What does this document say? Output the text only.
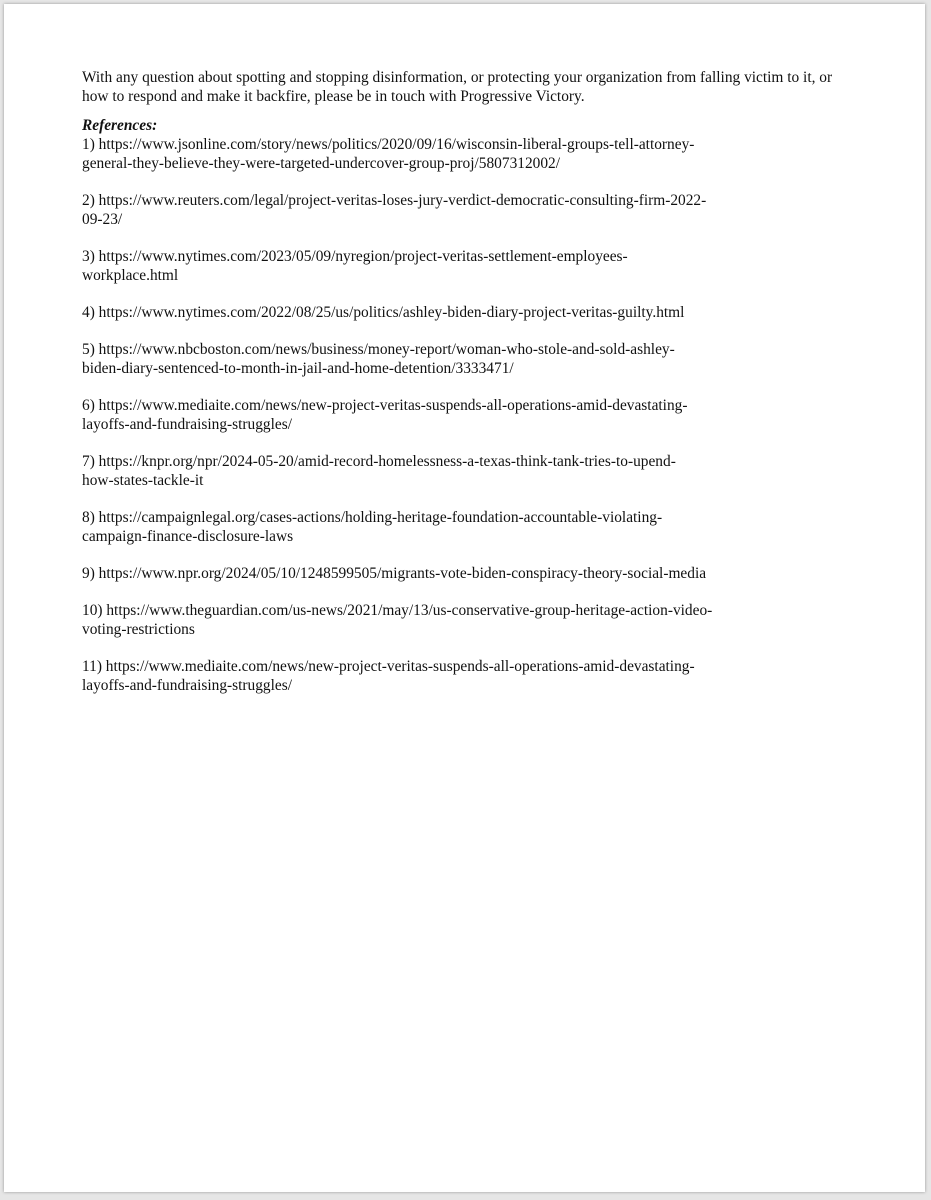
With any question about spotting and stopping disinformation, or protecting your organization from falling victim to it, or how to respond and make it backfire, please be in touch with Progressive Victory.

References:

1) https://www.jsonline.com/story/news/politics/2020/09/16/wisconsin-liberal-groups-tell-attorney-
general-they-believe-they-were-targeted-undercover-group-proj/5807312002/
2) https://www.reuters.com/legal/project-veritas-loses-jury-verdict-democratic-consulting-firm-2022-
09-23/
3) https://www.nytimes.com/2023/05/09/nyregion/project-veritas-settlement-employees-
workplace.html
4) https://www.nytimes.com/2022/08/25/us/politics/ashley-biden-diary-project-veritas-guilty.html
5) https://www.nbcboston.com/news/business/money-report/woman-who-stole-and-sold-ashley-
biden-diary-sentenced-to-month-in-jail-and-home-detention/3333471/
6) https://www.mediaite.com/news/new-project-veritas-suspends-all-operations-amid-devastating-
layoffs-and-fundraising-struggles/
7) https://knpr.org/npr/2024-05-20/amid-record-homelessness-a-texas-think-tank-tries-to-upend-
how-states-tackle-it
8) https://campaignlegal.org/cases-actions/holding-heritage-foundation-accountable-violating-
campaign-finance-disclosure-laws
9) https://www.npr.org/2024/05/10/1248599505/migrants-vote-biden-conspiracy-theory-social-media
10) https://www.theguardian.com/us-news/2021/may/13/us-conservative-group-heritage-action-video-
voting-restrictions
11) https://www.mediaite.com/news/new-project-veritas-suspends-all-operations-amid-devastating-
layoffs-and-fundraising-struggles/
